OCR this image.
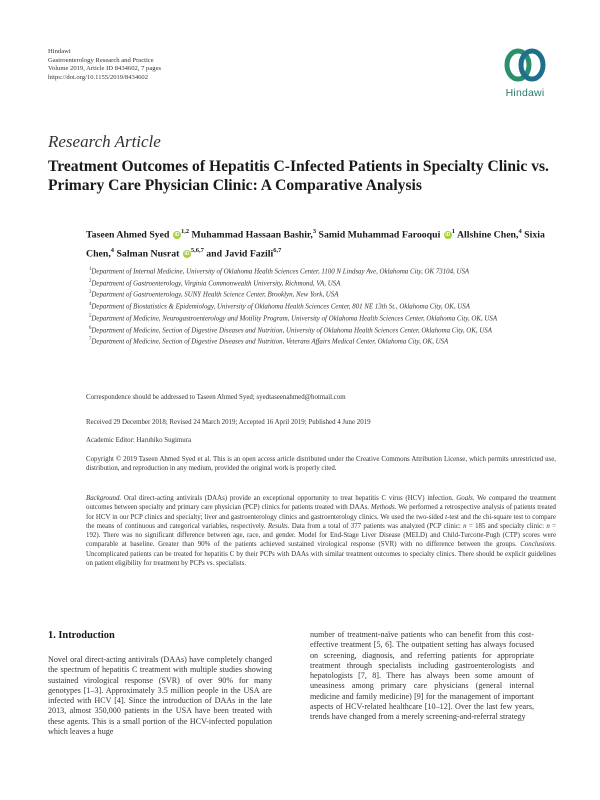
Hindawi
Gastroenterology Research and Practice
Volume 2019, Article ID 8434602, 7 pages
https://doi.org/10.1155/2019/8434602
Hindawi
Research Article
Treatment Outcomes of Hepatitis C-Infected Patients in Specialty Clinic vs. Primary Care Physician Clinic: A Comparative Analysis
Taseen Ahmed Syed iD$^{1,2}$ Muhammad Hassaan Bashir,$^3$ Samid Muhammad Farooqui $iD^1$ Allshine Chen,$^4$ Sixia Chen,$^4$ Salman Nusrat iD$^{5,6,7}$ and Javid Fazili$^{6,7}$
$^1$Department of Internal Medicine, University of Oklahoma Health Sciences Center, 1100 N Lindsay Ave, Oklahoma City, OK 73104, USA
$^2$Department of Gastroenterology, Virginia Commonwealth University, Richmond, VA, USA
$^3$Department of Gastroenterology, SUNY Health Science Center, Brooklyn, New York, USA
$^4$Department of Biostatistics & Epidemiology, University of Oklahoma Health Sciences Center, 801 NE 13th St., Oklahoma City, OK, USA
$^5$Department of Medicine, Neurogastroenterology and Motility Program, University of Oklahoma Health Sciences Center, Oklahoma City, OK, USA
$^6$Department of Medicine, Section of Digestive Diseases and Nutrition, University of Oklahoma Health Sciences Center, Oklahoma City, OK, USA
$^7$Department of Medicine, Section of Digestive Diseases and Nutrition, Veterans Affairs Medical Center, Oklahoma City, OK, USA
Correspondence should be addressed to Taseen Ahmed Syed; syedtaseenahmed@hotmail.com
Received 29 December 2018; Revised 24 March 2019; Accepted 16 April 2019; Published 4 June 2019
Academic Editor: Haruhiko Sugimura
Copyright © 2019 Taseen Ahmed Syed et al. This is an open access article distributed under the Creative Commons Attribution License, which permits unrestricted use, distribution, and reproduction in any medium, provided the original work is properly cited.
Background. Oral direct-acting antivirals (DAAs) provide an exceptional opportunity to treat hepatitis C virus (HCV) infection. Goals. We compared the treatment outcomes between specialty and primary care physician (PCP) clinics for patients treated with DAAs. Methods. We performed a retrospective analysis of patients treated for HCV in our PCP clinics and specialty; liver and gastroenterology clinics and gastroenterology clinics. We used the two-sided t-test and the chi-square test to compare the means of continuous and categorical variables, respectively. Results. Data from a total of 377 patients was analyzed (PCP clinic: n = 185 and specialty clinic: n = 192). There was no significant difference between age, race, and gender. Model for End-Stage Liver Disease (MELD) and Child-Turcotte-Pugh (CTP) scores were comparable at baseline. Greater than 90% of the patients achieved sustained virological response (SVR) with no difference between the groups. Conclusions. Uncomplicated patients can be treated for hepatitis C by their PCPs with DAAs with similar treatment outcomes to specialty clinics. There should be explicit guidelines on patient eligibility for treatment by PCPs vs. specialists.
1. Introduction
Novel oral direct-acting antivirals (DAAs) have completely changed the spectrum of hepatitis C treatment with multiple studies showing sustained virological response (SVR) of over 90% for many genotypes [1–3]. Approximately 3.5 million people in the USA are infected with HCV [4]. Since the introduction of DAAs in the late 2013, almost 350,000 patients in the USA have been treated with these agents. This is a small portion of the HCV-infected population which leaves a huge
number of treatment-naïve patients who can benefit from this cost-effective treatment [5, 6]. The outpatient setting has always focused on screening, diagnosis, and referring patients for appropriate treatment through specialists including gastroenterologists and hepatologists [7, 8]. There has always been some amount of uneasiness among primary care physicians (general internal medicine and family medicine) [9] for the management of important aspects of HCV-related healthcare [10–12]. Over the last few years, trends have changed from a merely screening-and-referral strategy
